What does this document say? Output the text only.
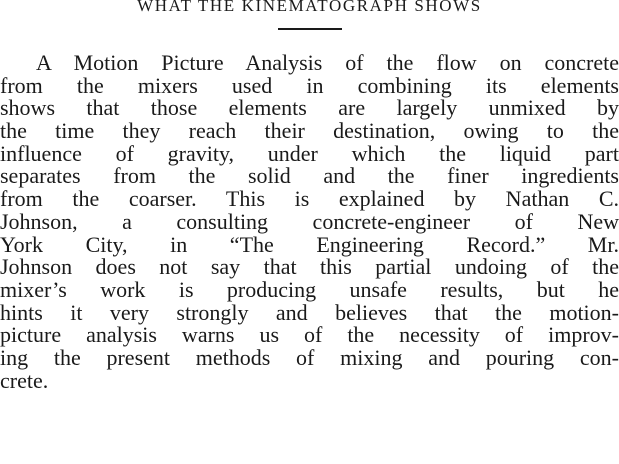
WHAT THE KINEMATOGRAPH SHOWS
A Motion Picture Analysis of the flow on concrete
from the mixers used in combining its elements
shows that those elements are largely unmixed by
the time they reach their destination, owing to the
influence of gravity, under which the liquid part
separates from the solid and the finer ingredients
from the coarser. This is explained by Nathan C.
Johnson, a consulting concrete-engineer of New
York City, in “The Engineering Record.” Mr.
Johnson does not say that this partial undoing of the
mixer’s work is producing unsafe results, but he
hints it very strongly and believes that the motion-
picture analysis warns us of the necessity of improv-
ing the present methods of mixing and pouring con-
crete.
